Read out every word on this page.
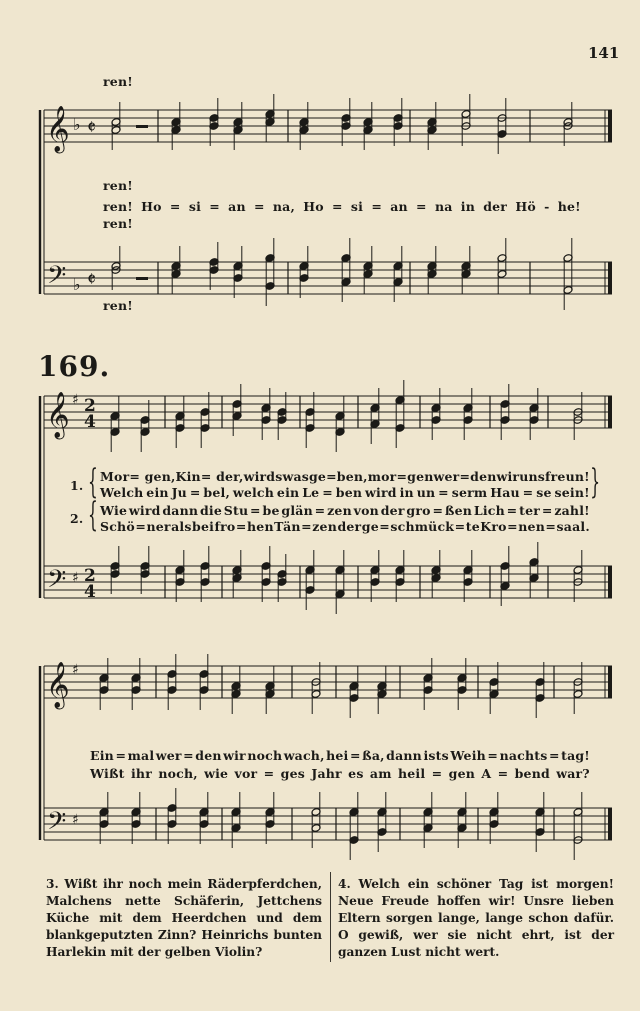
141
169.
𝄞
𝄢
♭
♭
𝄵
𝄵
𝄞
𝄢
♯
♯
2
4
2
4
𝄞
𝄢
♯
♯
ren!
ren!
ren! Ho = si = an = na, Ho = si = an = na in der Hö - he!
ren!
ren!
1. { Mor = gen, Kin = der, wirds was ge = ben, mor = gen wer = den wir uns freun!
Welch ein Ju = bel, welch ein Le = ben wird in un = serm Hau = se sein! {
2. { Wie wird dann die Stu = be glän = zen von der gro = ßen Lich = ter = zahl!
Schö = ner als bei fro = hen Tän = zen der ge = schmück = te Kro = nen = saal.
Ein = mal wer = den wir noch wach, hei = ßa, dann ists Weih = nachts = tag!
Wißt ihr noch, wie vor = ges Jahr es am heil = gen A = bend war?
3. Wißt ihr noch mein Räderpferdchen, Malchens nette Schäferin, Jettchens Küche mit dem Heerdchen und dem blankgeputzten Zinn? Heinrichs bunten Harlekin mit der gelben Violin?
4. Welch ein schöner Tag ist morgen! Neue Freude hoffen wir! Unsre lieben Eltern sorgen lange, lange schon dafür. O gewiß, wer sie nicht ehrt, ist der ganzen Lust nicht wert.
